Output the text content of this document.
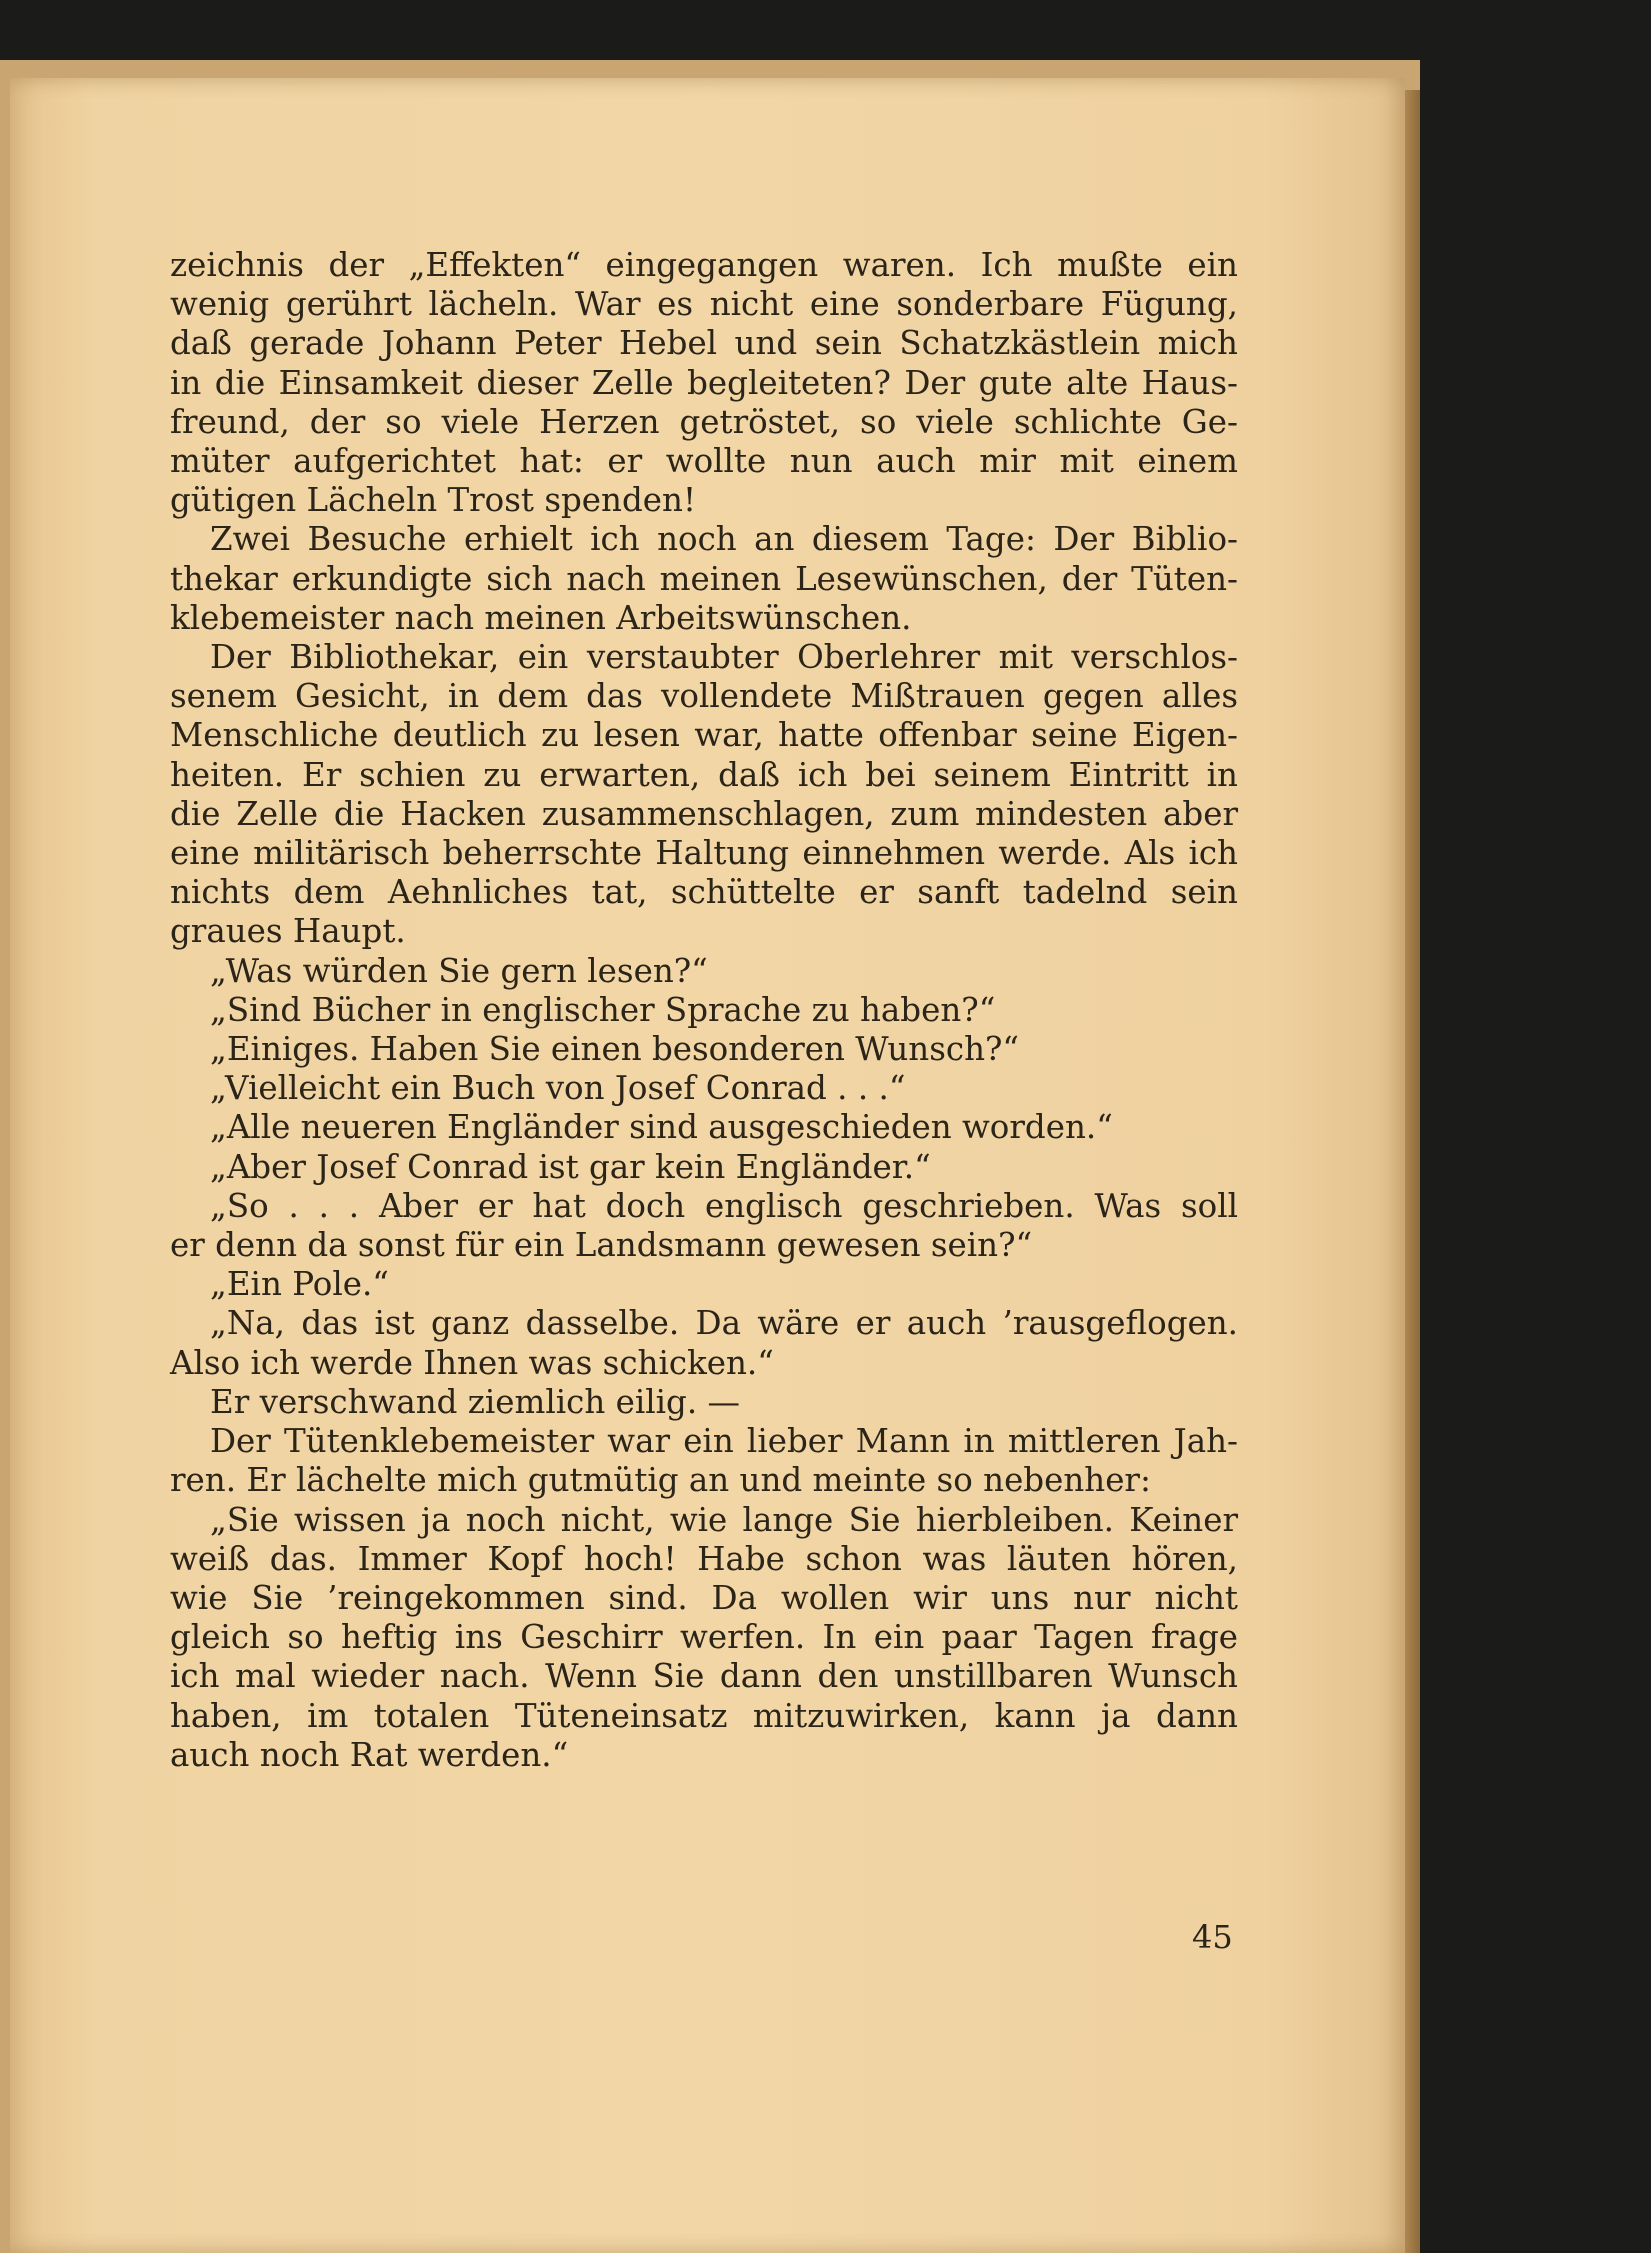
zeichnis der „Effekten“ eingegangen waren. Ich mußte ein
wenig gerührt lächeln. War es nicht eine sonderbare Fügung,
daß gerade Johann Peter Hebel und sein Schatzkästlein mich
in die Einsamkeit dieser Zelle begleiteten? Der gute alte Haus-
freund, der so viele Herzen getröstet, so viele schlichte Ge-
müter aufgerichtet hat: er wollte nun auch mir mit einem
gütigen Lächeln Trost spenden!
Zwei Besuche erhielt ich noch an diesem Tage: Der Biblio-
thekar erkundigte sich nach meinen Lesewünschen, der Tüten-
klebemeister nach meinen Arbeitswünschen.
Der Bibliothekar, ein verstaubter Oberlehrer mit verschlos-
senem Gesicht, in dem das vollendete Mißtrauen gegen alles
Menschliche deutlich zu lesen war, hatte offenbar seine Eigen-
heiten. Er schien zu erwarten, daß ich bei seinem Eintritt in
die Zelle die Hacken zusammenschlagen, zum mindesten aber
eine militärisch beherrschte Haltung einnehmen werde. Als ich
nichts dem Aehnliches tat, schüttelte er sanft tadelnd sein
graues Haupt.
„Was würden Sie gern lesen?“
„Sind Bücher in englischer Sprache zu haben?“
„Einiges. Haben Sie einen besonderen Wunsch?“
„Vielleicht ein Buch von Josef Conrad . . .“
„Alle neueren Engländer sind ausgeschieden worden.“
„Aber Josef Conrad ist gar kein Engländer.“
„So . . . Aber er hat doch englisch geschrieben. Was soll
er denn da sonst für ein Landsmann gewesen sein?“
„Ein Pole.“
„Na, das ist ganz dasselbe. Da wäre er auch ’rausgeflogen.
Also ich werde Ihnen was schicken.“
Er verschwand ziemlich eilig. —
Der Tütenklebemeister war ein lieber Mann in mittleren Jah-
ren. Er lächelte mich gutmütig an und meinte so nebenher:
„Sie wissen ja noch nicht, wie lange Sie hierbleiben. Keiner
weiß das. Immer Kopf hoch! Habe schon was läuten hören,
wie Sie ’reingekommen sind. Da wollen wir uns nur nicht
gleich so heftig ins Geschirr werfen. In ein paar Tagen frage
ich mal wieder nach. Wenn Sie dann den unstillbaren Wunsch
haben, im totalen Tüteneinsatz mitzuwirken, kann ja dann
auch noch Rat werden.“
45
